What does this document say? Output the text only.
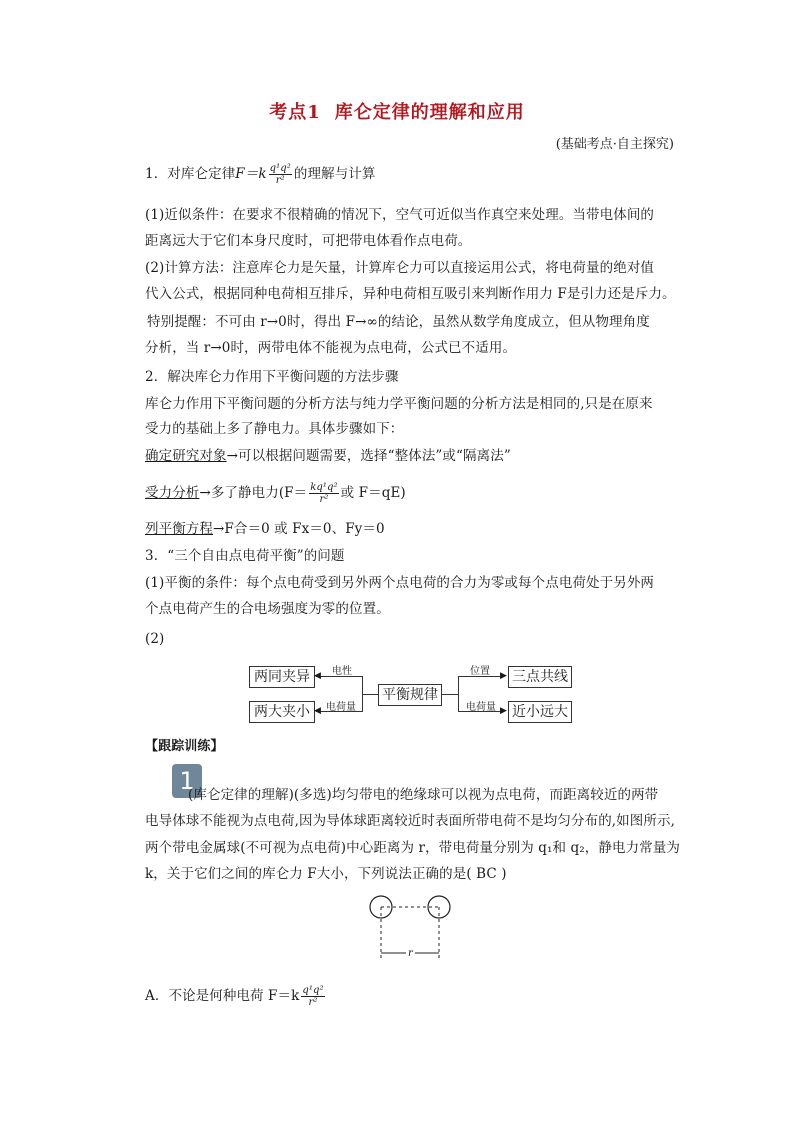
考点1 库仑定律的理解和应用
(基础考点·自主探究)
1．对库仑定律$F=k \frac{\text{q¹q²}}{\text{r²}}$ 的理解与计算
(1)近似条件：在要求不很精确的情况下，空气可近似当作真空来处理。当带电体间的
距离远大于它们本身尺度时，可把带电体看作点电荷。
(2)计算方法：注意库仑力是矢量，计算库仑力可以直接运用公式，将电荷量的绝对值
代入公式，根据同种电荷相互排斥，异种电荷相互吸引来判断作用力 F是引力还是斥力。
特别提醒：不可由 r→0时，得出 F→∞的结论，虽然从数学角度成立，但从物理角度
分析，当 r→0时，两带电体不能视为点电荷，公式已不适用。
2．解决库仑力作用下平衡问题的方法步骤
库仑力作用下平衡问题的分析方法与纯力学平衡问题的分析方法是相同的,只是在原来
受力的基础上多了静电力。具体步骤如下：
确定研究对象→可以根据问题需要，选择“整体法”或“隔离法”
受力分析→多了静电力($F= \frac{\text{kq¹q²}}{\text{r²}}$ 或 F＝qE)
列平衡方程→F合＝0 或 Fx＝0、Fy＝0
3．“三个自由点电荷平衡”的问题
(1)平衡的条件：每个点电荷受到另外两个点电荷的合力为零或每个点电荷处于另外两
个点电荷产生的合电场强度为零的位置。
(2)
两同夹异
两大夹小
平衡规律
三点共线
近小远大
◀
◀
电性
电荷量
▶
▶
位置
电荷量
【跟踪训练】
1
(库仑定律的理解)(多选)均匀带电的绝缘球可以视为点电荷，而距离较近的两带
电导体球不能视为点电荷,因为导体球距离较近时表面所带电荷不是均匀分布的,如图所示,
两个带电金属球(不可视为点电荷)中心距离为 r，带电荷量分别为 q₁和 q₂，静电力常量为
k，关于它们之间的库仑力 F大小，下列说法正确的是( BC )
r
A．不论是何种电荷 $F=k \frac{\text{q¹q²}}{\text{r²}}$
